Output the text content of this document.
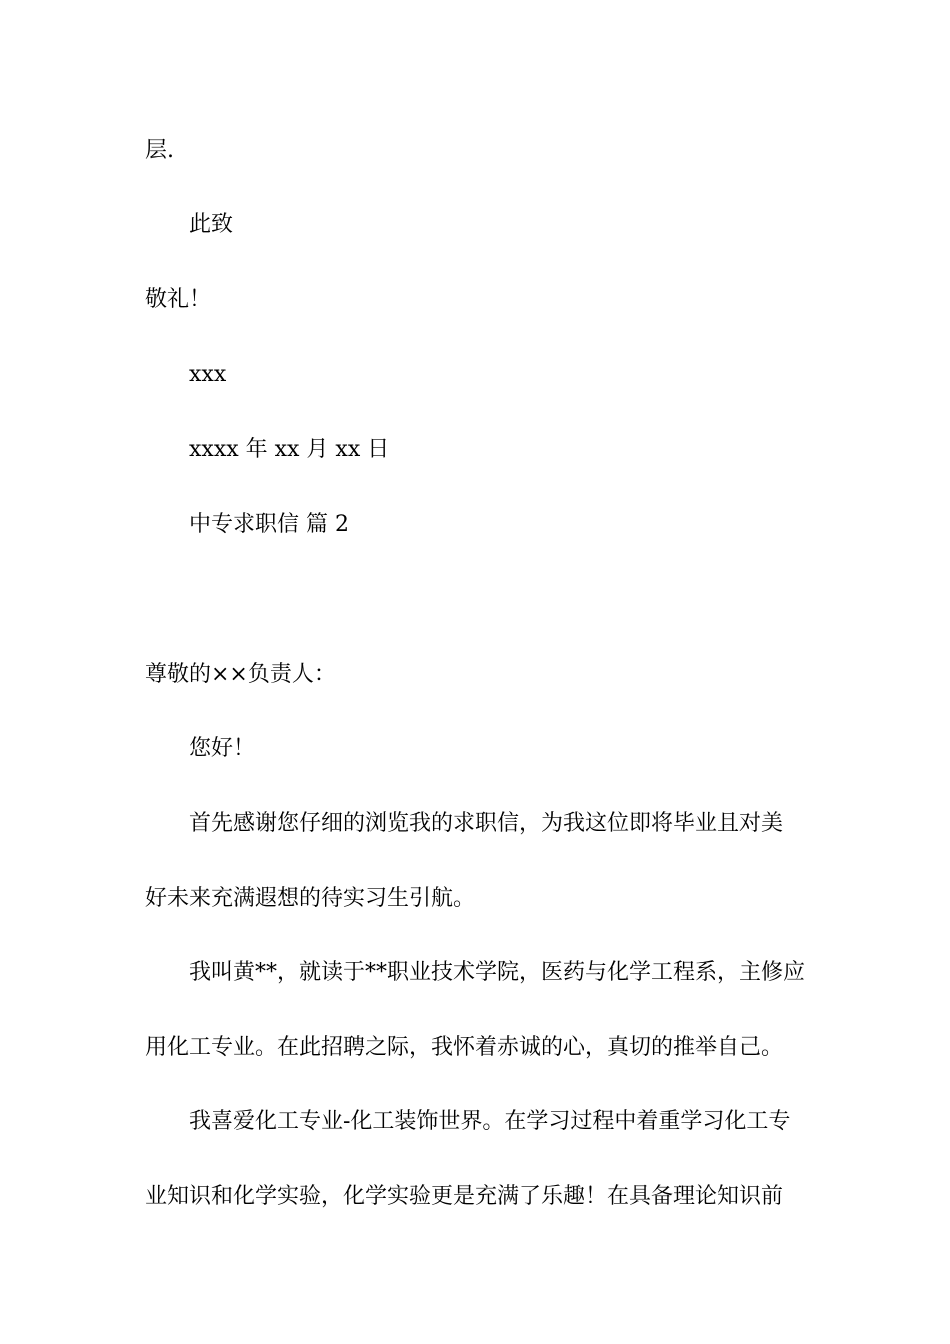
层.
此致
敬礼！
xxx
xxxx 年 xx 月 xx 日
中专求职信 篇 2
尊敬的××负责人：
您好！
首先感谢您仔细的浏览我的求职信，为我这位即将毕业且对美
好未来充满遐想的待实习生引航。
我叫黄**，就读于**职业技术学院，医药与化学工程系，主修应
用化工专业。在此招聘之际，我怀着赤诚的心，真切的推举自己。
我喜爱化工专业-化工装饰世界。在学习过程中着重学习化工专
业知识和化学实验，化学实验更是充满了乐趣！在具备理论知识前
